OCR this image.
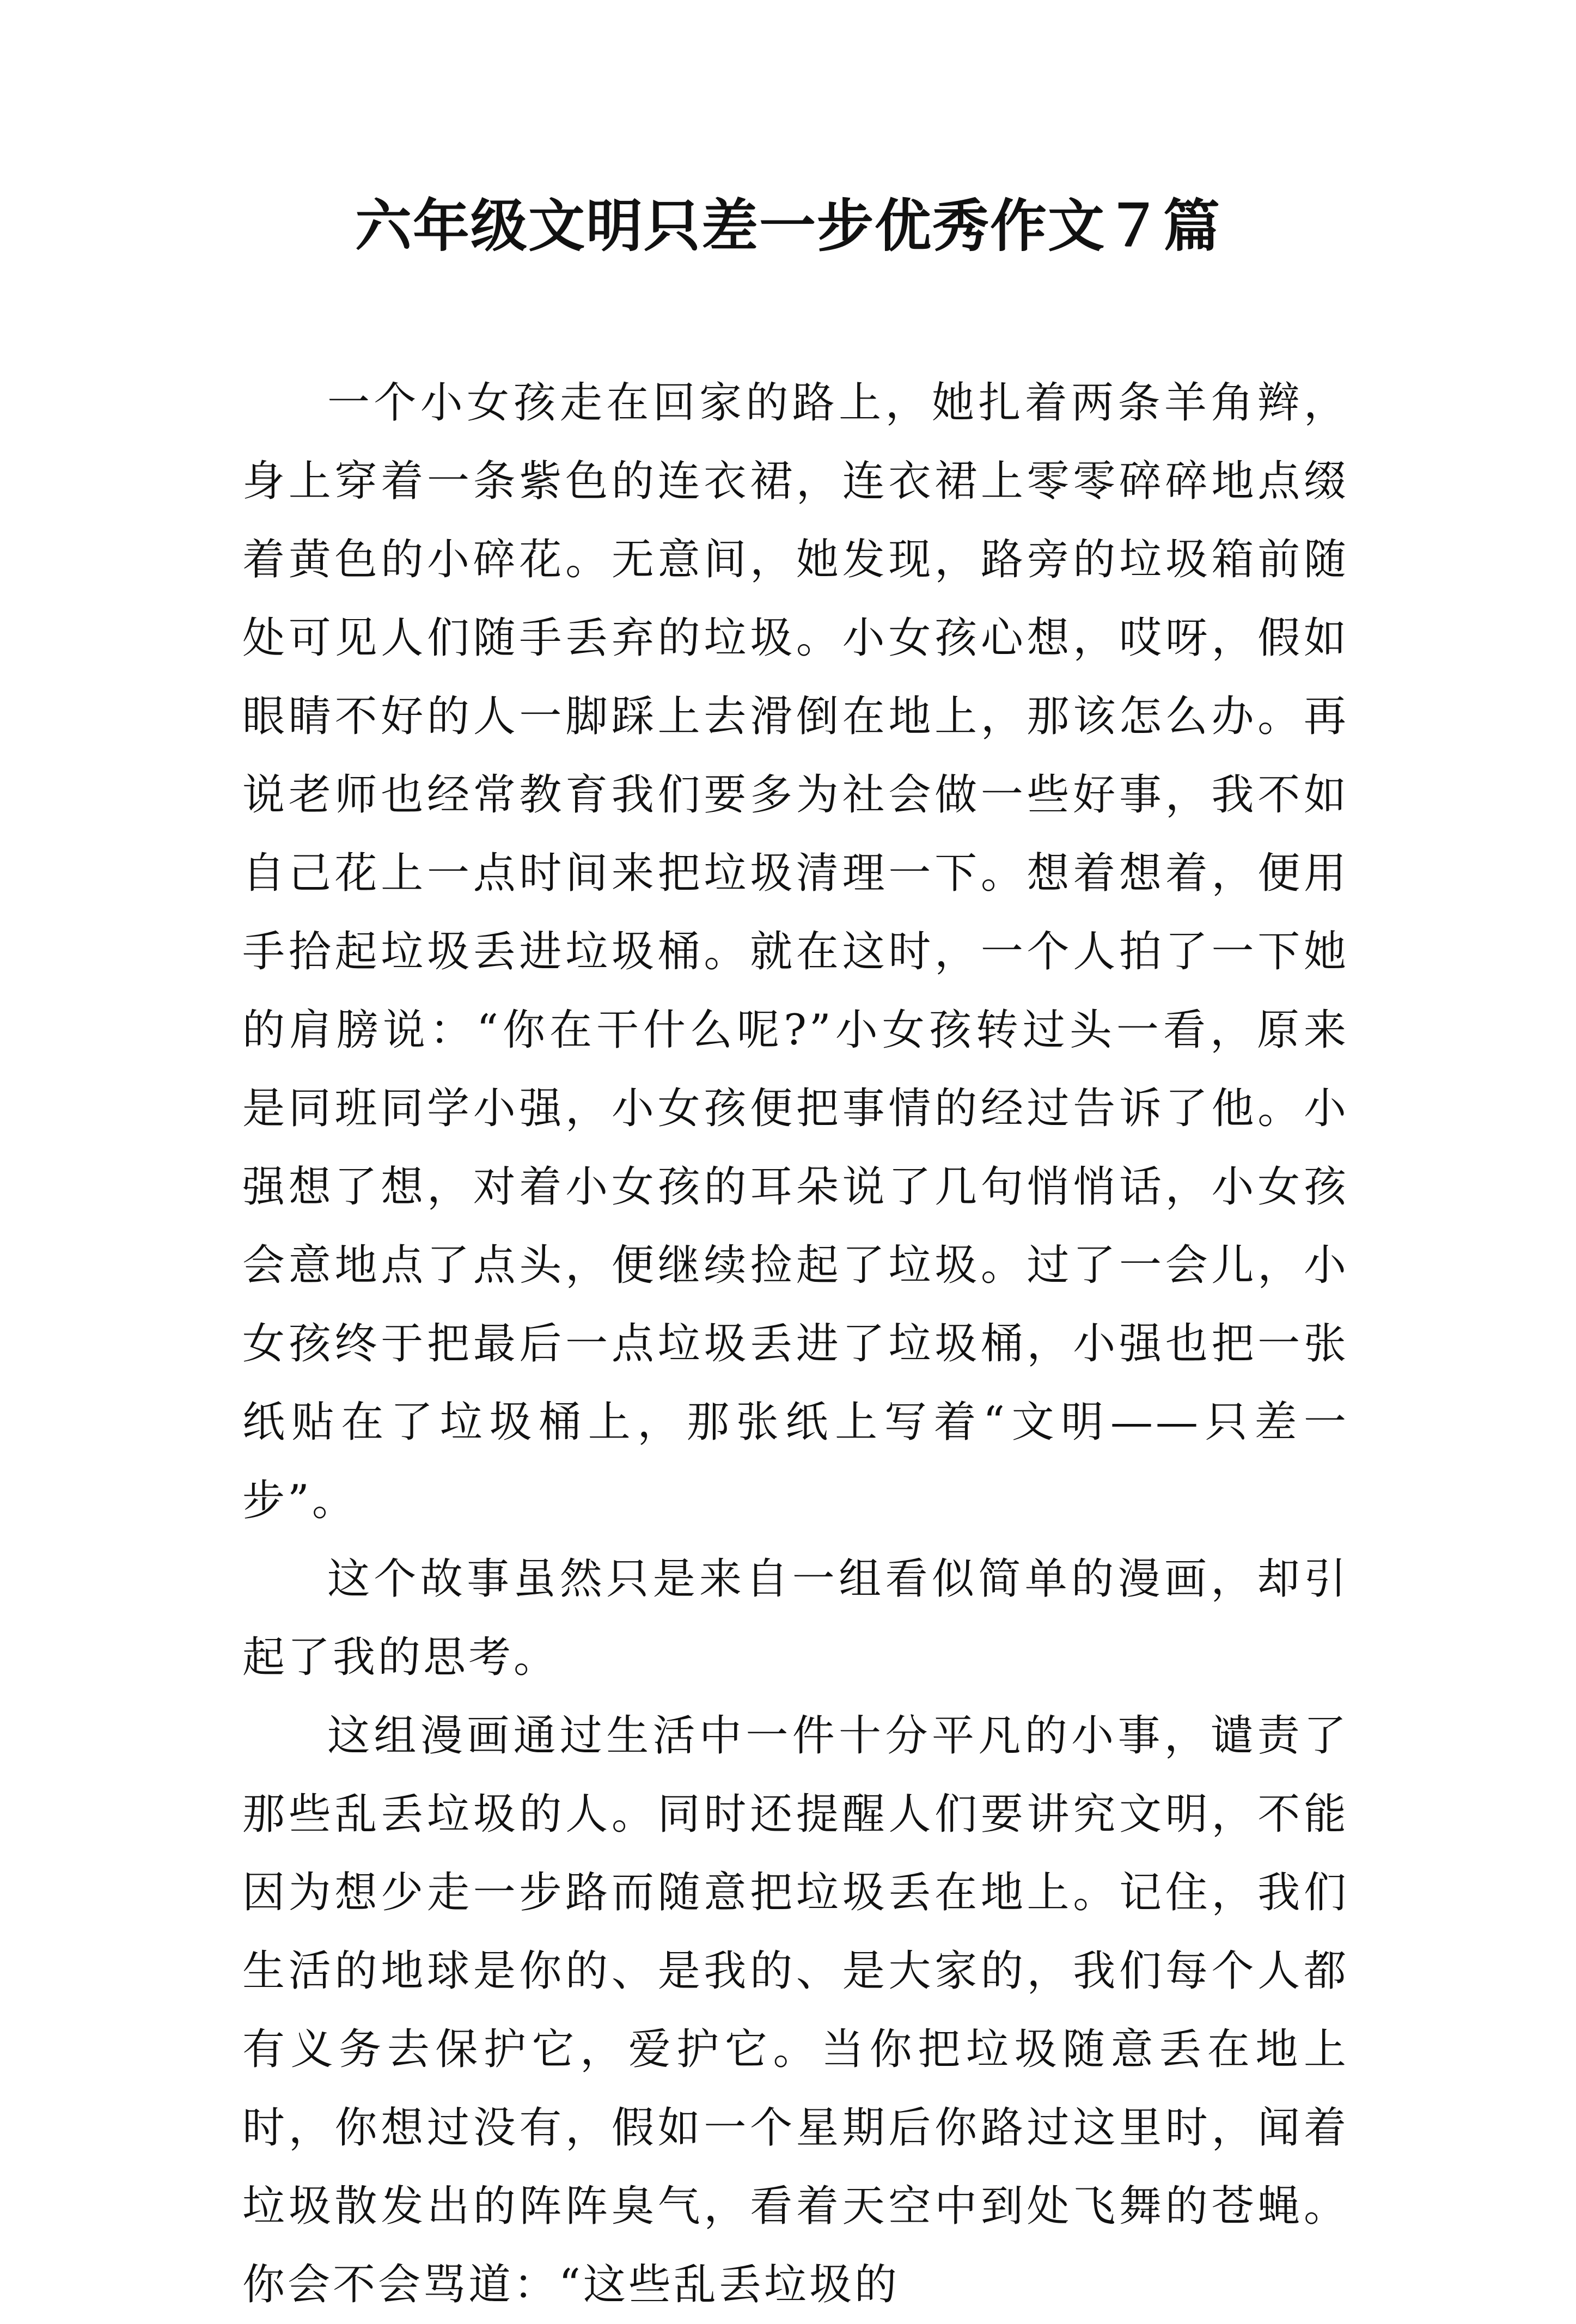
六年级文明只差一步优秀作文７篇

一个小女孩走在回家的路上，她扎着两条羊角辫，身上穿着一条紫色的连衣裙，连衣裙上零零碎碎地点缀着黄色的小碎花。无意间，她发现，路旁的垃圾箱前随处可见人们随手丢弃的垃圾。小女孩心想，哎呀，假如眼睛不好的人一脚踩上去滑倒在地上，那该怎么办。再说老师也经常教育我们要多为社会做一些好事，我不如自己花上一点时间来把垃圾清理一下。想着想着，便用手拾起垃圾丢进垃圾桶。就在这时，一个人拍了一下她的肩膀说：“你在干什么呢?”小女孩转过头一看，原来是同班同学小强，小女孩便把事情的经过告诉了他。小强想了想，对着小女孩的耳朵说了几句悄悄话，小女孩会意地点了点头，便继续捡起了垃圾。过了一会儿，小女孩终于把最后一点垃圾丢进了垃圾桶，小强也把一张纸贴在了垃圾桶上，那张纸上写着“文明——只差一步”。

这个故事虽然只是来自一组看似简单的漫画，却引起了我的思考。

这组漫画通过生活中一件十分平凡的小事，谴责了那些乱丢垃圾的人。同时还提醒人们要讲究文明，不能因为想少走一步路而随意把垃圾丢在地上。记住，我们生活的地球是你的、是我的、是大家的，我们每个人都有义务去保护它，爱护它。当你把垃圾随意丢在地上时，你想过没有，假如一个星期后你路过这里时，闻着垃圾散发出的阵阵臭气，看着天空中到处飞舞的苍蝇。你会不会骂道：“这些乱丢垃圾的
